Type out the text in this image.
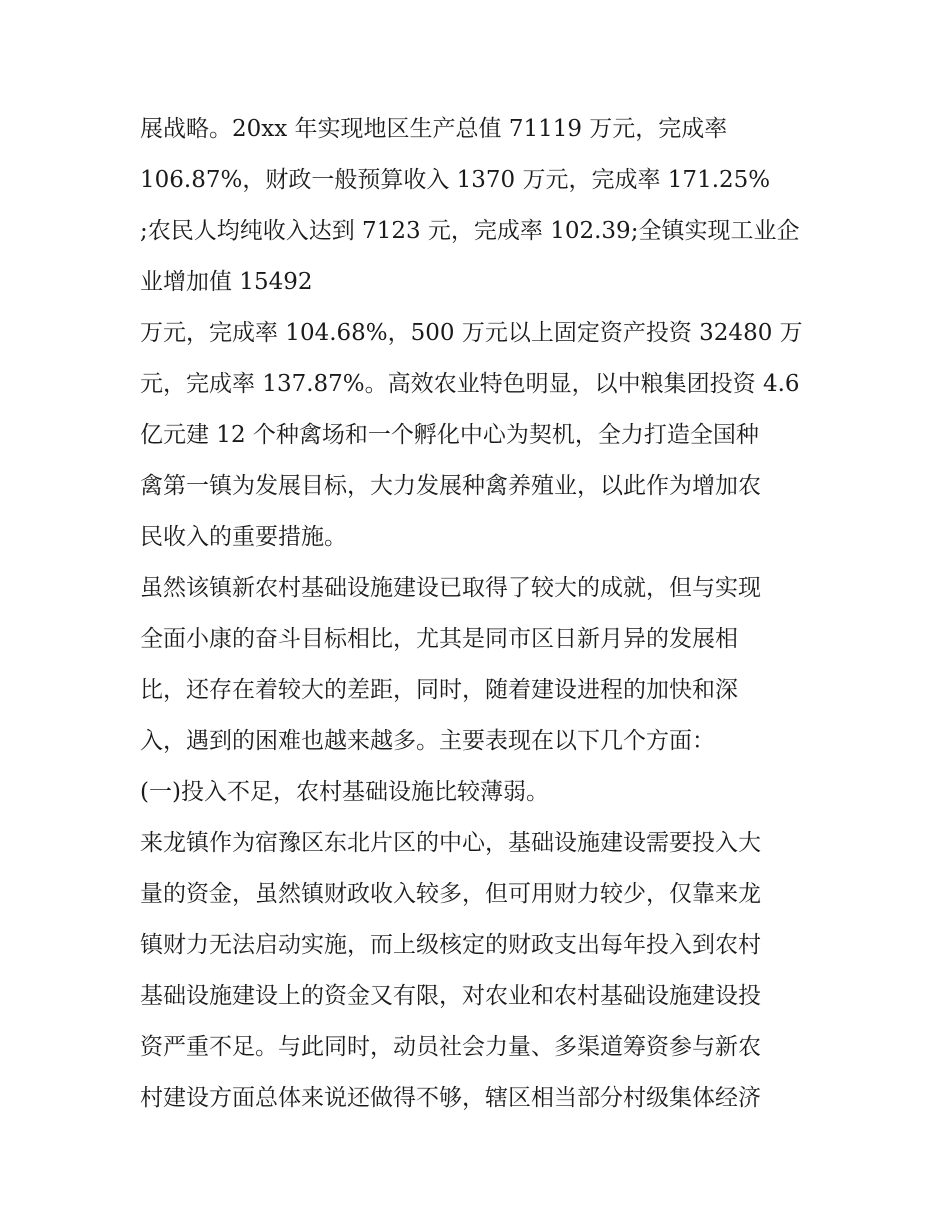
展战略。20xx 年实现地区生产总值 71119 万元，完成率
106.87%，财政一般预算收入 1370 万元，完成率 171.25%
;农民人均纯收入达到 7123 元，完成率 102.39;全镇实现工业企
业增加值 15492
万元，完成率 104.68%，500 万元以上固定资产投资 32480 万
元，完成率 137.87%。高效农业特色明显，以中粮集团投资 4.6
亿元建 12 个种禽场和一个孵化中心为契机，全力打造全国种
禽第一镇为发展目标，大力发展种禽养殖业，以此作为增加农
民收入的重要措施。
虽然该镇新农村基础设施建设已取得了较大的成就，但与实现
全面小康的奋斗目标相比，尤其是同市区日新月异的发展相
比，还存在着较大的差距，同时，随着建设进程的加快和深
入，遇到的困难也越来越多。主要表现在以下几个方面：
(一)投入不足，农村基础设施比较薄弱。
来龙镇作为宿豫区东北片区的中心，基础设施建设需要投入大
量的资金，虽然镇财政收入较多，但可用财力较少，仅靠来龙
镇财力无法启动实施，而上级核定的财政支出每年投入到农村
基础设施建设上的资金又有限，对农业和农村基础设施建设投
资严重不足。与此同时，动员社会力量、多渠道筹资参与新农
村建设方面总体来说还做得不够，辖区相当部分村级集体经济
